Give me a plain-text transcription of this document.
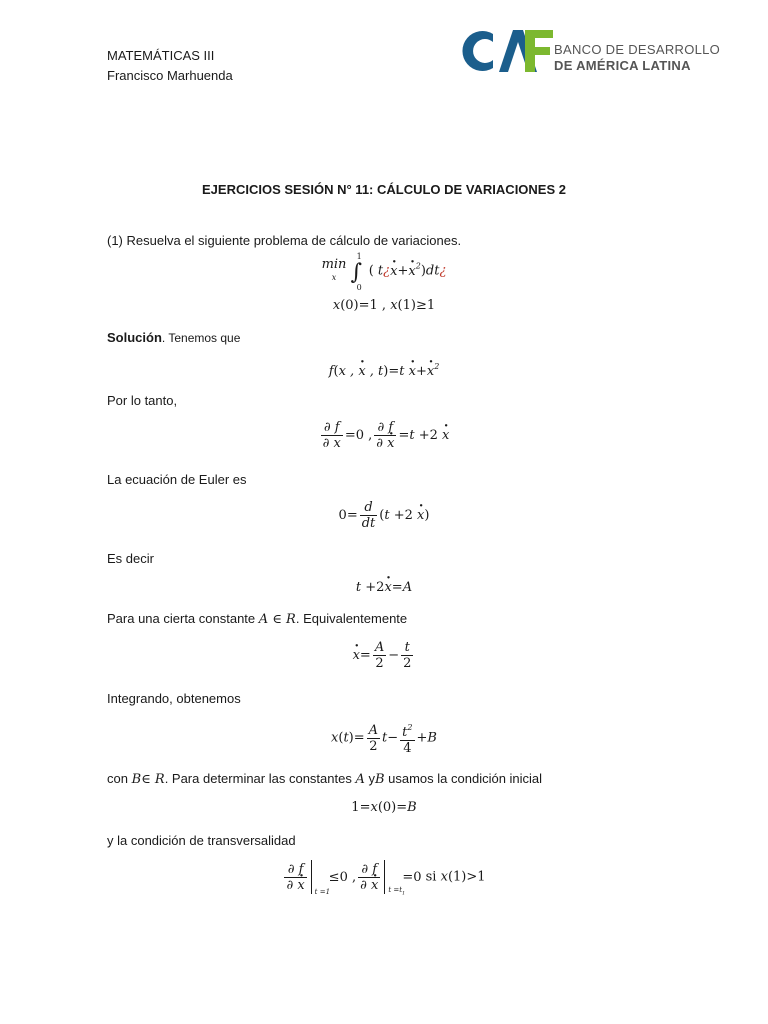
MATEMÁTICAS III
Francisco Marhuenda
BANCO DE DESARROLLO
DE AMÉRICA LATINA
EJERCICIOS SESIÓN N° 11: CÁLCULO DE VARIACIONES 2
(1) Resuelva el siguiente problema de cálculo de variaciones.
min
x
1
∫
0
( t¿x ·+x ·$^2$)dt¿
x(0)=1 , x(1)≥1
Solución. Tenemos que
f(x , x · , t)=t x ·+x ·$^2$
Por lo tanto,
$\frac{\partial f}{\partial x} =0$ , $\frac{\partial f}{\partial x} \cdot =t +2$ x ·
La ecuación de Euler es
$0= \frac{d}{dt} (t +2$ x ·)
Es decir
t +2x ·=A
Para una cierta constante A ∈ R. Equivalentemente
$x \cdot= \frac{A}{2} - \frac{t}{2}$
Integrando, obtenemos
$x(t)= \frac{A}{2} t- \frac{t^2}{4} +B$
con B∈ R. Para determinar las constantes A yB usamos la condición inicial
1=x(0)=B
y la condición de transversalidad
$\frac{\partial f}{\partial x} \cdot t =1$
≤0 , $\frac{\partial f}{\partial x} \cdot t =t_1$
=0 si x(1)>1
